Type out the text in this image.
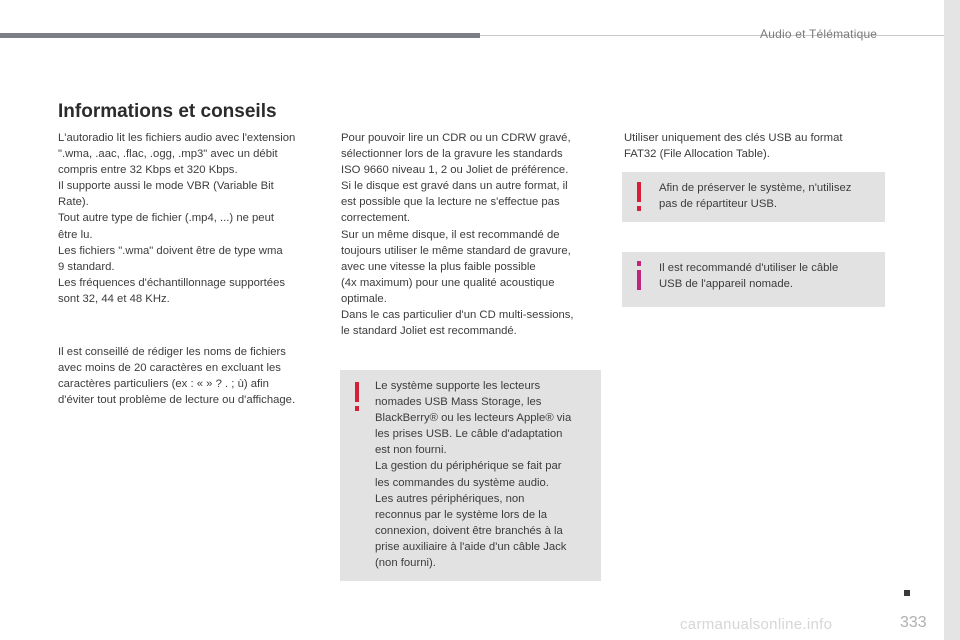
Audio et Télématique
Informations et conseils

L'autoradio lit les fichiers audio avec l'extension
".wma, .aac, .flac, .ogg, .mp3" avec un débit
compris entre 32 Kbps et 320 Kbps.
Il supporte aussi le mode VBR (Variable Bit
Rate).
Tout autre type de fichier (.mp4, ...) ne peut
être lu.
Les fichiers ".wma" doivent être de type wma
9 standard.
Les fréquences d'échantillonnage supportées
sont 32, 44 et 48 KHz.

Il est conseillé de rédiger les noms de fichiers
avec moins de 20 caractères en excluant les
caractères particuliers (ex : « » ? . ; ù) afin
d'éviter tout problème de lecture ou d'affichage.

Pour pouvoir lire un CDR ou un CDRW gravé,
sélectionner lors de la gravure les standards
ISO 9660 niveau 1, 2 ou Joliet de préférence.
Si le disque est gravé dans un autre format, il
est possible que la lecture ne s'effectue pas
correctement.
Sur un même disque, il est recommandé de
toujours utiliser le même standard de gravure,
avec une vitesse la plus faible possible
(4x maximum) pour une qualité acoustique
optimale.
Dans le cas particulier d'un CD multi-sessions,
le standard Joliet est recommandé.

Utiliser uniquement des clés USB au format
FAT32 (File Allocation Table).

Le système supporte les lecteurs
nomades USB Mass Storage, les
BlackBerry® ou les lecteurs Apple® via
les prises USB. Le câble d'adaptation
est non fourni.
La gestion du périphérique se fait par
les commandes du système audio.
Les autres périphériques, non
reconnus par le système lors de la
connexion, doivent être branchés à la
prise auxiliaire à l'aide d'un câble Jack
(non fourni).
Afin de préserver le système, n'utilisez
pas de répartiteur USB.
Il est recommandé d'utiliser le câble
USB de l'appareil nomade.
333
carmanualsonline.info
